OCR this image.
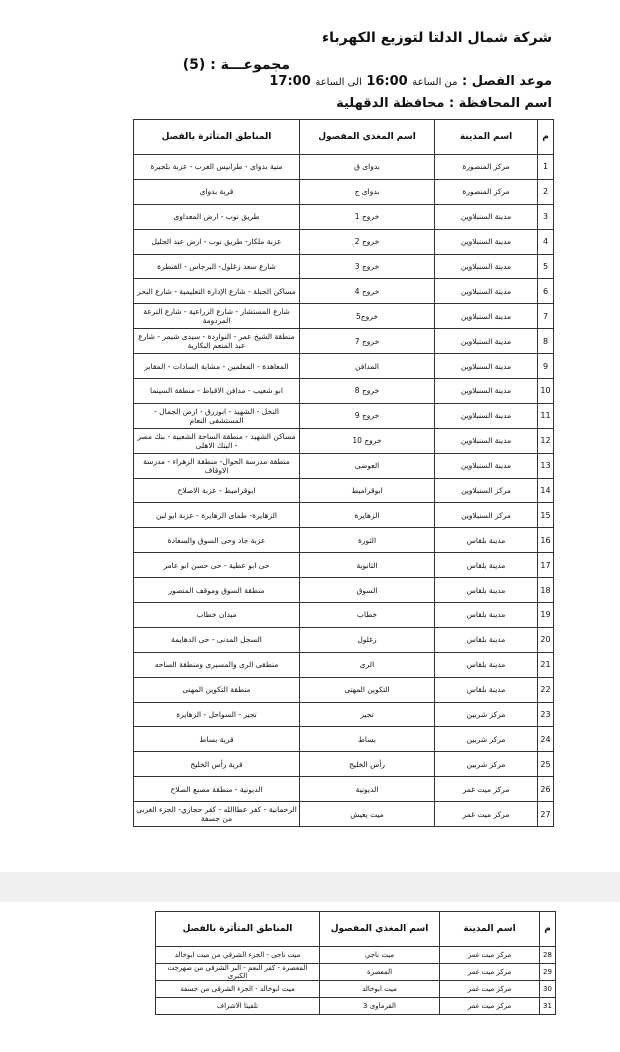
شركة شمال الدلتا لتوزيع الكهرباء
مجموعـــة : (5)
موعد الفصل : من الساعة 16:00 الى الساعة 17:00
اسم المحافظة : محافظة الدقهلية
م	اسم المدينة	اسم المغذي المفصول	المناطق المتأثرة بالفصل
1	مركز المنصورة	بدواى ق	منية بدواى - طرانيس العرب - عزبة بلجيرة
2	مركز المنصورة	بدواى ج	قرية بدواى
3	مدينة السنبلاوين	خروج 1	طريق نوب - ارض المعداوى
4	مدينة السنبلاوين	خروج 2	عزبة ملكار- طريق نوب - ارض عبد الجليل
5	مدينة السنبلاوين	خروج 3	شارع سعد زغلول- البرجاس - القنطرة
6	مدينة السنبلاوين	خروج 4	مساكن الجبلة - شارع الإدارة التعليمية - شارع البحر
7	مدينة السنبلاوين	خروج5	شارع المستشار - شارع الزراعية - شارع الترعة المردومة
8	مدينة السنبلاوين	خروج 7	منطقة الشيخ عمر - النواردة - سيدى شيمر - شارع عبد المنعم البكارية
9	مدينة السنبلاوين	المدافن	المعاهدة - المعلمين - مشاية السادات - المقابر
10	مدينة السنبلاوين	خروج 8	ابو شعيب - مدافن الاقباط - منطقة السينما
11	مدينة السنبلاوين	خروج 9	النخل - الشهيد - ابوزرق - ارض الجمال - المستشفى النعام
12	مدينة السنبلاوين	خروج 10	مساكن الشهيد - منطقة الساحة الشعبية - بنك مصر - البنك الاهلى
13	مدينة السنبلاوين	العوضى	منطقة مدرسة الحوال- منطقة الزهراء - مدرسة الاوقاف
14	مركز السنبلاوين	ابوقراميط	ابوقراميط - عزبة الاصلاح
15	مركز السنبلاوين	الزهايرة	الزهايرة- طماى الزهايرة - عزبة ابو لبن
16	مدينة بلقاس	الثورة	عزبة جاد وحى السوق والسعادة
17	مدينة بلقاس	الثانوية	حى ابو عطية - حى حسن ابو عامر
18	مدينة بلقاس	السوق	منطقة السوق وموقف المنصور
19	مدينة بلقاس	خطاب	ميدان خطاب
20	مدينة بلقاس	زغلول	السجل المدنى - حى الدهايمة
21	مدينة بلقاس	الرى	منطقى الرى والمسيرى ومنطقة الساحه
22	مدينة بلقاس	التكوين المهنى	منطقة التكوين المهنى
23	مركز شربين	تجير	تجير - السواحل - الزهايرة
24	مركز شربين	بساط	قرية بساط
25	مركز شربين	رأس الخليج	قرية رأس الخليج
26	مركز ميت غمر	الديونية	الديونية - منطقة مصنع الصلاح
27	مركز ميت غمر	ميت يعيش	الرحمانية - كفر عطاالله - كفر حجازي- الجزء الغربى من جسفة
م	اسم المدينة	اسم المغذي المفصول	المناطق المتأثرة بالفصل
28	مركز ميت غمر	ميت ناجي	ميت ناجى - الجزء الشرقي من ميت ابوخالد
29	مركز ميت غمر	المعصرة	المعصرة - كفر النعم - البر الشرقي من صهرجت الكبرى
30	مركز ميت غمر	ميت ابوخالد	ميت ابوخالد - الجزء الشرقى من جسفة
31	مركز ميت غمر	القرماوى 3	تلفيتا الاشراف
